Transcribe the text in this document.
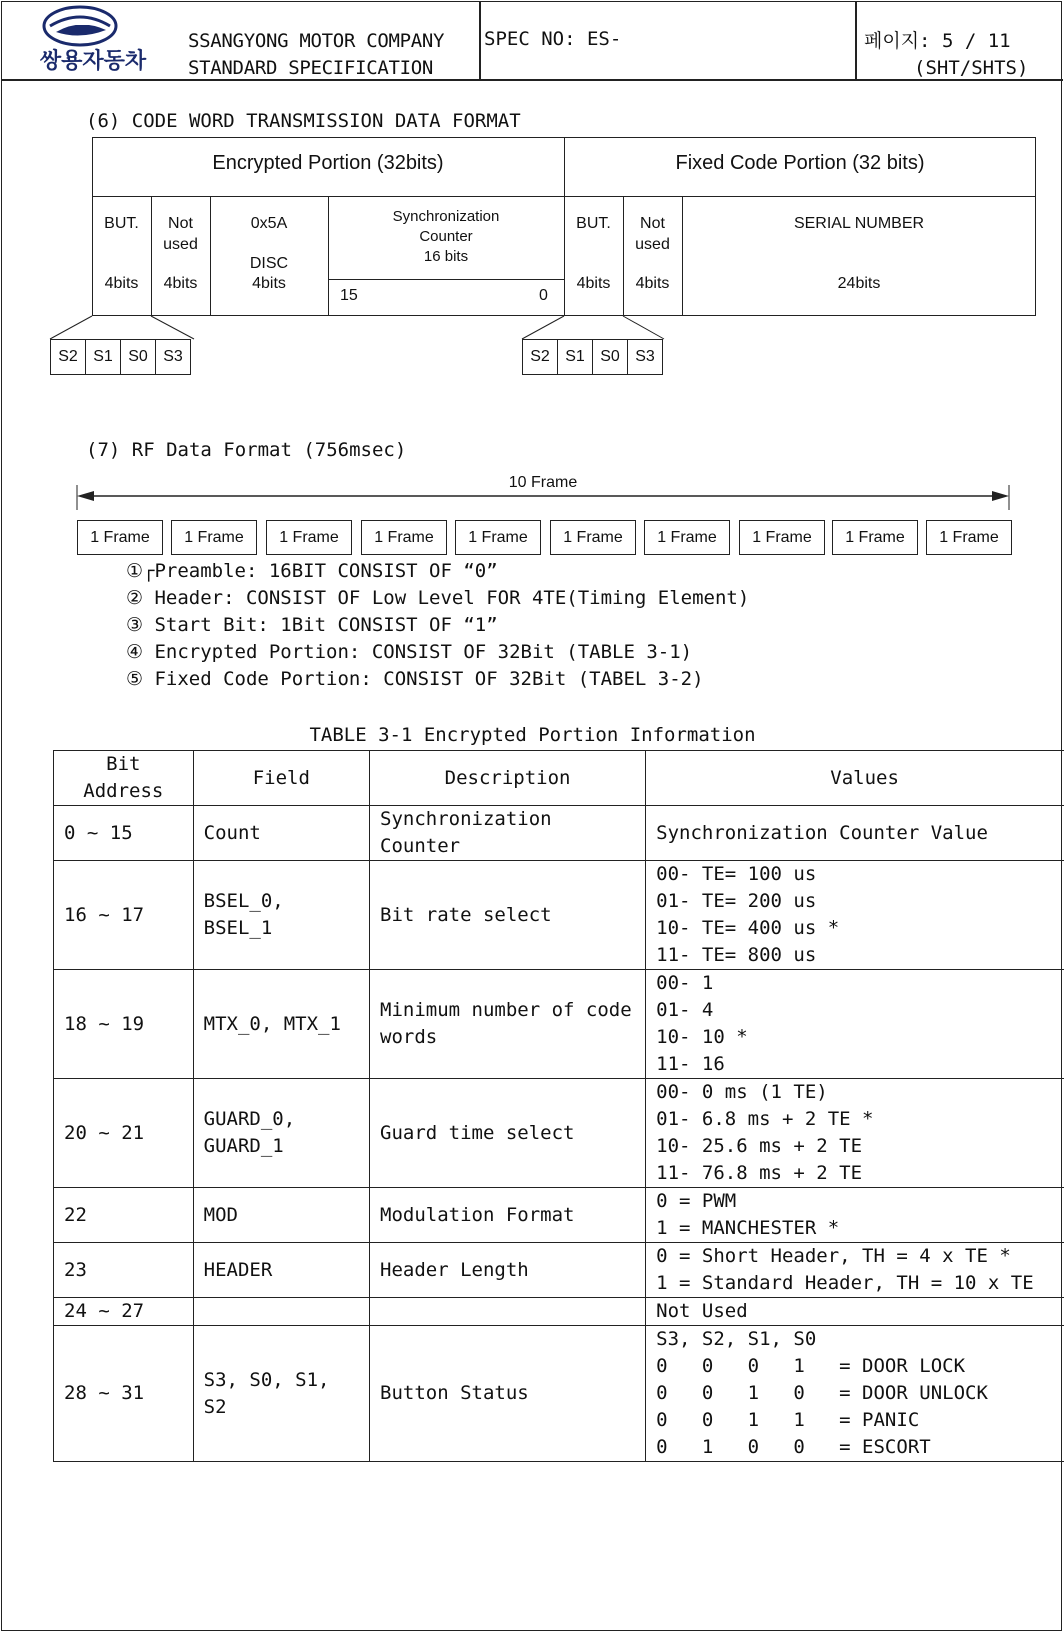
쌍용자동차
SSANGYONG MOTOR COMPANY
STANDARD SPECIFICATION
SPEC NO: ES-	페이지: 5 / 11
(SHT/SHTS)
(6) CODE WORD TRANSMISSION DATA FORMAT
Encrypted Portion (32bits)	Fixed Code Portion (32 bits)
BUT.
4bits
Not
used
4bits
0x5A
DISC
4bits
Synchronization
Counter
16 bits
15	0
BUT.
4bits
Not
used
4bits
SERIAL NUMBER
24bits
S2 S1 S0 S3	S2 S1 S0 S3
(7) RF Data Format (756msec)
10 Frame
1 Frame	1 Frame	1 Frame	1 Frame	1 Frame	1 Frame	1 Frame	1 Frame	1 Frame	1 Frame
①┌Preamble: 16BIT CONSIST OF “0”
② Header: CONSIST OF Low Level FOR 4TE(Timing Element)
③ Start Bit: 1Bit CONSIST OF “1”
④ Encrypted Portion: CONSIST OF 32Bit (TABLE 3-1)
⑤ Fixed Code Portion: CONSIST OF 32Bit (TABEL 3-2)
TABLE 3-1 Encrypted Portion Information
Bit Address	Field	Description	Values
0 ~ 15	Count	Synchronization Counter	Synchronization Counter Value
16 ~ 17	BSEL_0, BSEL_1	Bit rate select	00- TE= 100 us
01- TE= 200 us
10- TE= 400 us *
11- TE= 800 us
18 ~ 19	MTX_0, MTX_1	Minimum number of code words	00- 1
01- 4
10- 10 *
11- 16
20 ~ 21	GUARD_0, GUARD_1	Guard time select	00- 0 ms (1 TE)
01- 6.8 ms + 2 TE *
10- 25.6 ms + 2 TE
11- 76.8 ms + 2 TE
22	MOD	Modulation Format	0 = PWM
1 = MANCHESTER *
23	HEADER	Header Length	0 = Short Header, TH = 4 x TE *
1 = Standard Header, TH = 10 x TE
24 ~ 27			Not Used
28 ~ 31	S3, S0, S1, S2	Button Status	S3, S2, S1, S0
0   0   0   1   = DOOR LOCK
0   0   1   0   = DOOR UNLOCK
0   0   1   1   = PANIC
0   1   0   0   = ESCORT
